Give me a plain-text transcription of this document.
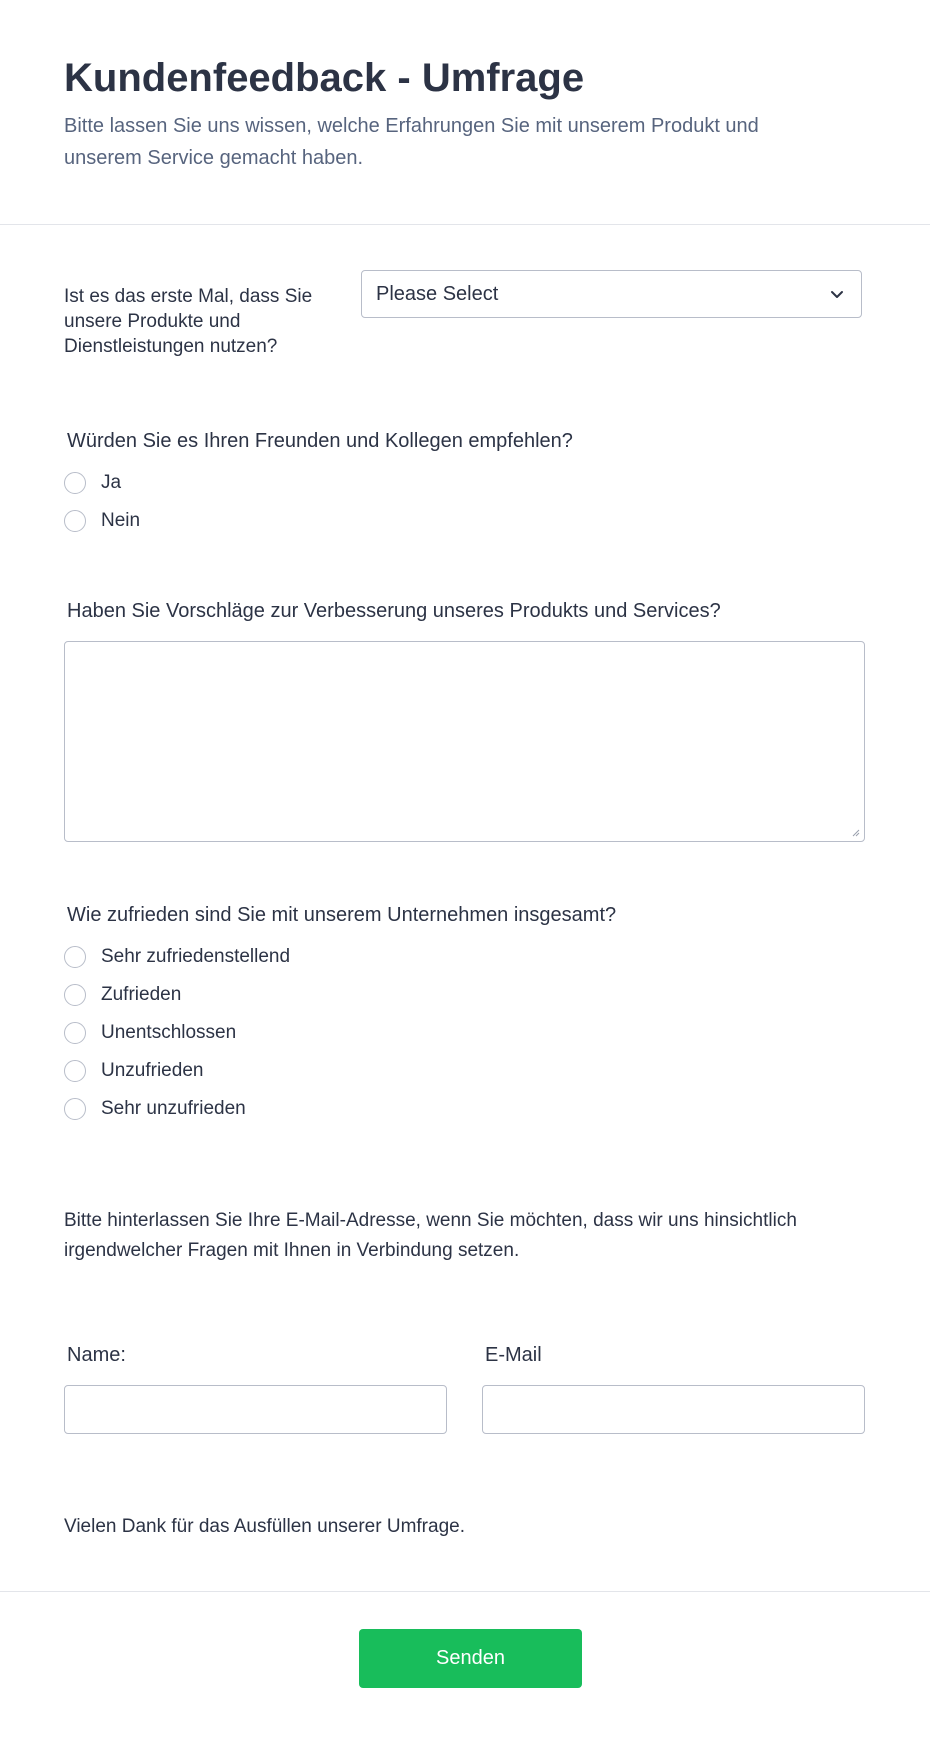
Kundenfeedback - Umfrage

Bitte lassen Sie uns wissen, welche Erfahrungen Sie mit unserem Produkt und unserem Service gemacht haben.

Ist es das erste Mal, dass Sie unsere Produkte und Dienstleistungen nutzen?
Please Select
Würden Sie es Ihren Freunden und Kollegen empfehlen?
Ja
Nein
Haben Sie Vorschläge zur Verbesserung unseres Produkts und Services?
Wie zufrieden sind Sie mit unserem Unternehmen insgesamt?
Sehr zufriedenstellend
Zufrieden
Unentschlossen
Unzufrieden
Sehr unzufrieden
Bitte hinterlassen Sie Ihre E-Mail-Adresse, wenn Sie möchten, dass wir uns hinsichtlich irgendwelcher Fragen mit Ihnen in Verbindung setzen.
Name:	E-Mail
Vielen Dank für das Ausfüllen unserer Umfrage.
Senden
